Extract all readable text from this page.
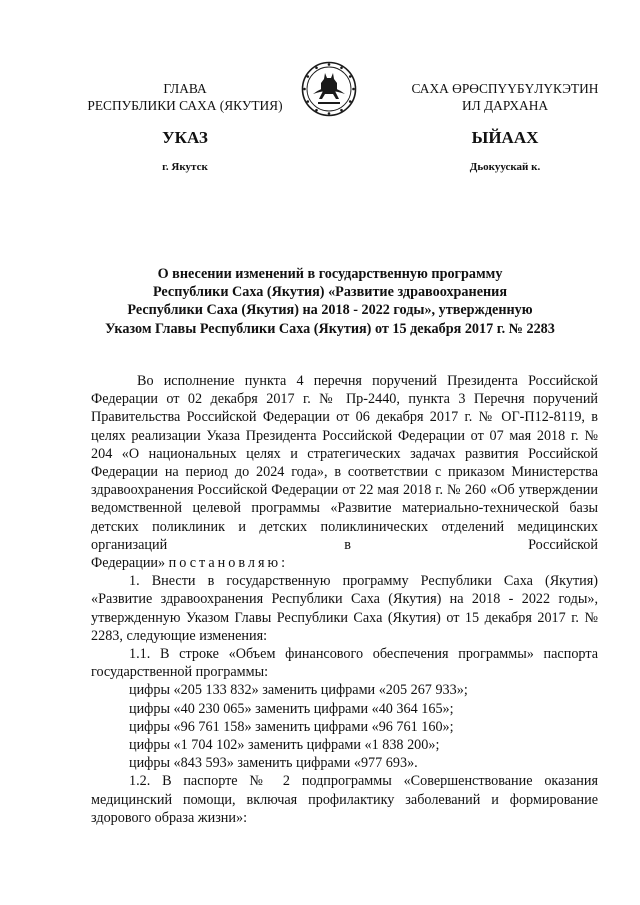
ГЛАВА
РЕСПУБЛИКИ САХА (ЯКУТИЯ)
САХА ӨРӨСПҮҮБҮЛҮКЭТИН
ИЛ ДАРХАНА
УКАЗ	ЫЙААХ
г. Якутск	Дьокуускай к.
О внесении изменений в государственную программу
Республики Саха (Якутия) «Развитие здравоохранения
Республики Саха (Якутия) на 2018 - 2022 годы», утвержденную
Указом Главы Республики Саха (Якутия) от 15 декабря 2017 г. № 2283

Во исполнение пункта 4 перечня поручений Президента Российской Федерации от 02 декабря 2017 г. № Пр-2440, пункта 3 Перечня поручений Правительства Российской Федерации от 06 декабря 2017 г. № ОГ-П12-8119, в целях реализации Указа Президента Российской Федерации от 07 мая 2018 г. № 204 «О национальных целях и стратегических задачах развития Российской Федерации на период до 2024 года», в соответствии с приказом Министерства здравоохранения Российской Федерации от 22 мая 2018 г. № 260 «Об утверждении ведомственной целевой программы «Развитие материально-технической базы детских поликлиник и детских поликлинических отделений медицинских организаций в Российской

Федерации» постановляю:

1. Внести в государственную программу Республики Саха (Якутия) «Развитие здравоохранения Республики Саха (Якутия) на 2018 - 2022 годы», утвержденную Указом Главы Республики Саха (Якутия) от 15 декабря 2017 г. № 2283, следующие изменения:

1.1. В строке «Объем финансового обеспечения программы» паспорта государственной программы:

цифры «205 133 832» заменить цифрами «205 267 933»;

цифры «40 230 065» заменить цифрами «40 364 165»;

цифры «96 761 158» заменить цифрами «96 761 160»;

цифры «1 704 102» заменить цифрами «1 838 200»;

цифры «843 593» заменить цифрами «977 693».

1.2. В паспорте № 2 подпрограммы «Совершенствование оказания медицинский помощи, включая профилактику заболеваний и формирование здорового образа жизни»:
